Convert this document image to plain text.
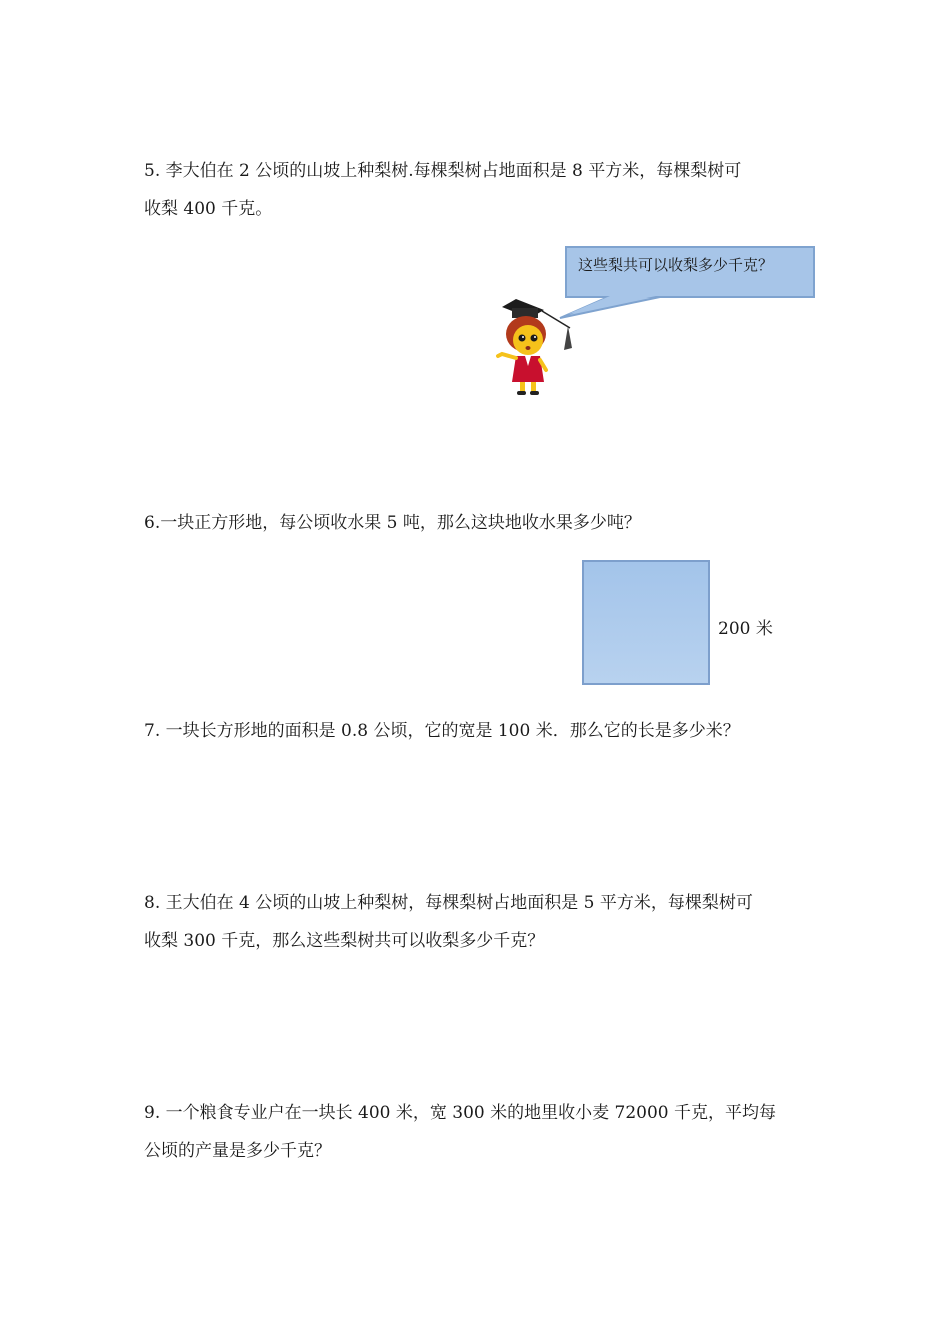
5. 李大伯在 2 公顷的山坡上种梨树.每棵梨树占地面积是 8 平方米，每棵梨树可
收梨 400 千克。
这些梨共可以收梨多少千克？
6.一块正方形地，每公顷收水果 5 吨，那么这块地收水果多少吨？
200 米
7. 一块长方形地的面积是 0.8 公顷，它的宽是 100 米．那么它的长是多少米？
8. 王大伯在 4 公顷的山坡上种梨树，每棵梨树占地面积是 5 平方米，每棵梨树可
收梨 300 千克，那么这些梨树共可以收梨多少千克？
9. 一个粮食专业户在一块长 400 米，宽 300 米的地里收小麦 72000 千克，平均每
公顷的产量是多少千克？
